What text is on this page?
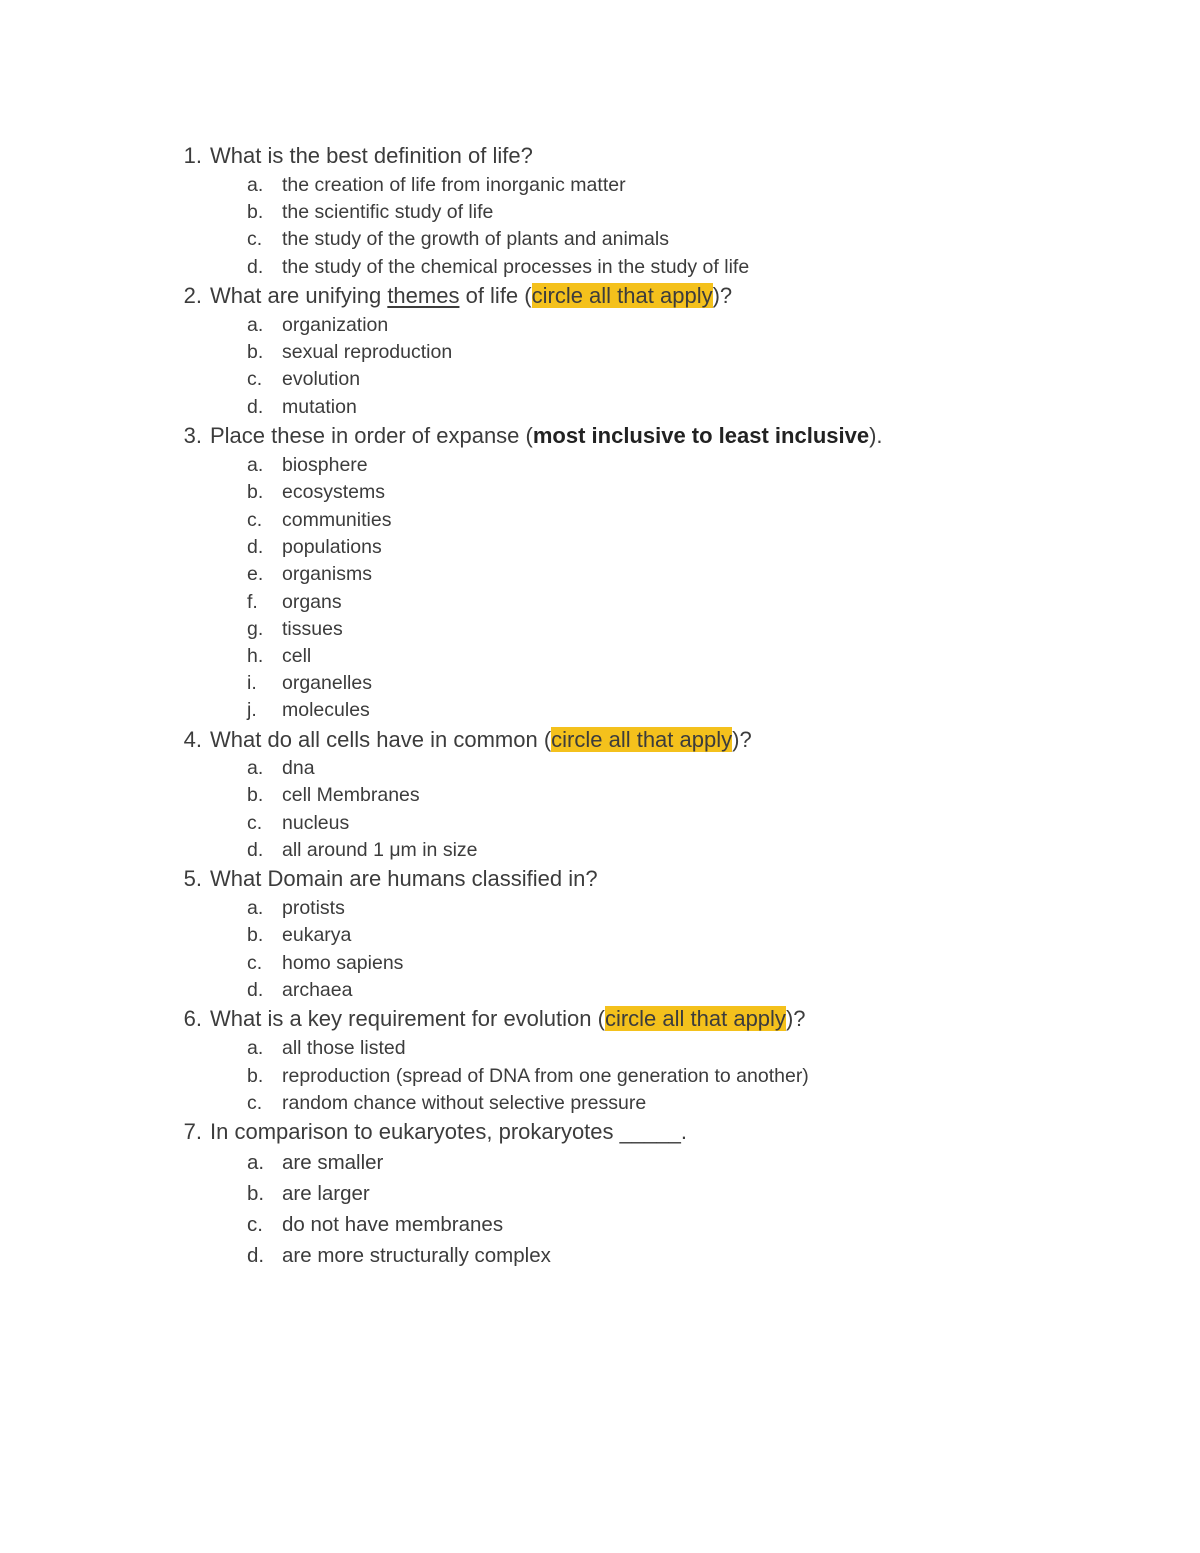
1. What is the best definition of life?
a. the creation of life from inorganic matter
b. the scientific study of life
c. the study of the growth of plants and animals
d. the study of the chemical processes in the study of life
2. What are unifying themes of life (circle all that apply)?
a. organization
b. sexual reproduction
c. evolution
d. mutation
3. Place these in order of expanse (most inclusive to least inclusive).
a. biosphere
b. ecosystems
c. communities
d. populations
e. organisms
f. organs
g. tissues
h. cell
i. organelles
j. molecules
4. What do all cells have in common (circle all that apply)?
a. dna
b. cell Membranes
c. nucleus
d. all around 1 μm in size
5. What Domain are humans classified in?
a. protists
b. eukarya
c. homo sapiens
d. archaea
6. What is a key requirement for evolution (circle all that apply)?
a. all those listed
b. reproduction (spread of DNA from one generation to another)
c. random chance without selective pressure
7. In comparison to eukaryotes, prokaryotes _____.
a. are smaller
b. are larger
c. do not have membranes
d. are more structurally complex
